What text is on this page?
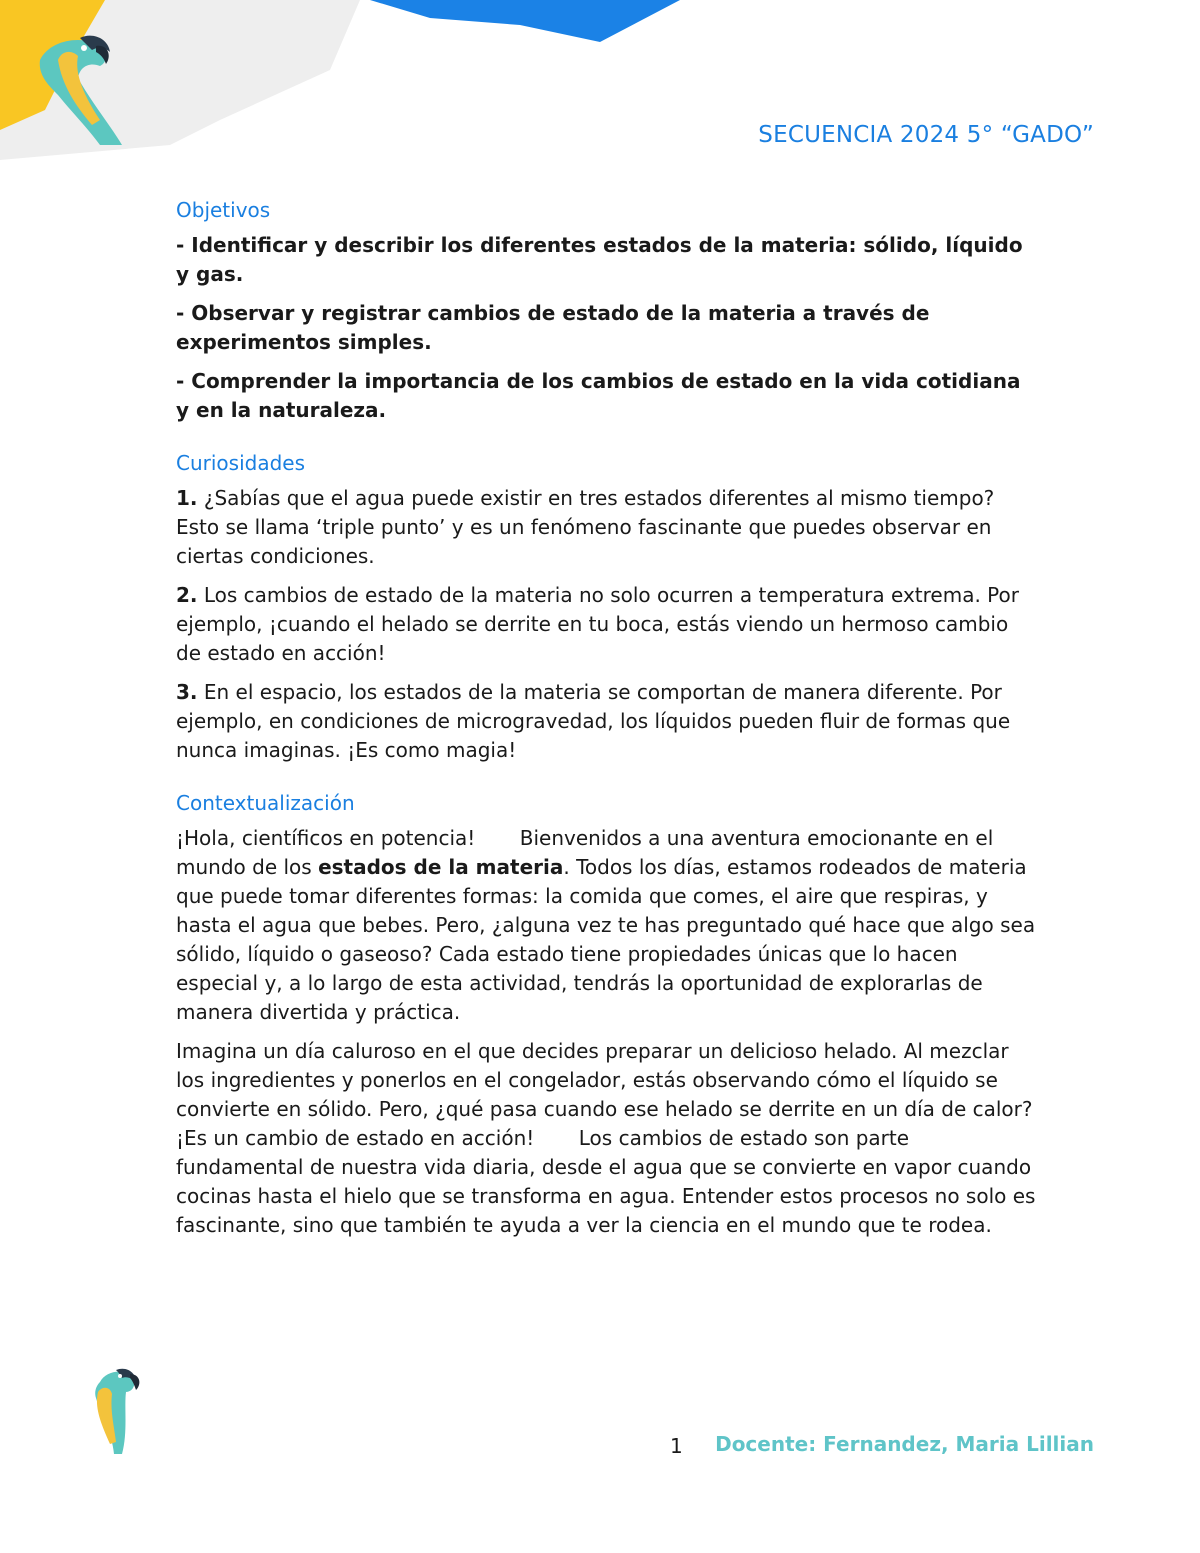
SECUENCIA 2024 5° “GADO”
Objetivos

- Identificar y describir los diferentes estados de la materia: sólido, líquido y gas.

- Observar y registrar cambios de estado de la materia a través de experimentos simples.

- Comprender la importancia de los cambios de estado en la vida cotidiana y en la naturaleza.

Curiosidades

1. ¿Sabías que el agua puede existir en tres estados diferentes al mismo tiempo? Esto se llama ‘triple punto’ y es un fenómeno fascinante que puedes observar en ciertas condiciones.

2. Los cambios de estado de la materia no solo ocurren a temperatura extrema. Por ejemplo, ¡cuando el helado se derrite en tu boca, estás viendo un hermoso cambio de estado en acción!

3. En el espacio, los estados de la materia se comportan de manera diferente. Por ejemplo, en condiciones de microgravedad, los líquidos pueden fluir de formas que nunca imaginas. ¡Es como magia!

Contextualización

¡Hola, científicos en potencia!       Bienvenidos a una aventura emocionante en el mundo de los estados de la materia. Todos los días, estamos rodeados de materia que puede tomar diferentes formas: la comida que comes, el aire que respiras, y hasta el agua que bebes. Pero, ¿alguna vez te has preguntado qué hace que algo sea sólido, líquido o gaseoso? Cada estado tiene propiedades únicas que lo hacen especial y, a lo largo de esta actividad, tendrás la oportunidad de explorarlas de manera divertida y práctica.

Imagina un día caluroso en el que decides preparar un delicioso helado. Al mezclar los ingredientes y ponerlos en el congelador, estás observando cómo el líquido se convierte en sólido. Pero, ¿qué pasa cuando ese helado se derrite en un día de calor? ¡Es un cambio de estado en acción!       Los cambios de estado son parte fundamental de nuestra vida diaria, desde el agua que se convierte en vapor cuando cocinas hasta el hielo que se transforma en agua. Entender estos procesos no solo es fascinante, sino que también te ayuda a ver la ciencia en el mundo que te rodea.

1 Docente: Fernandez, Maria Lillian
